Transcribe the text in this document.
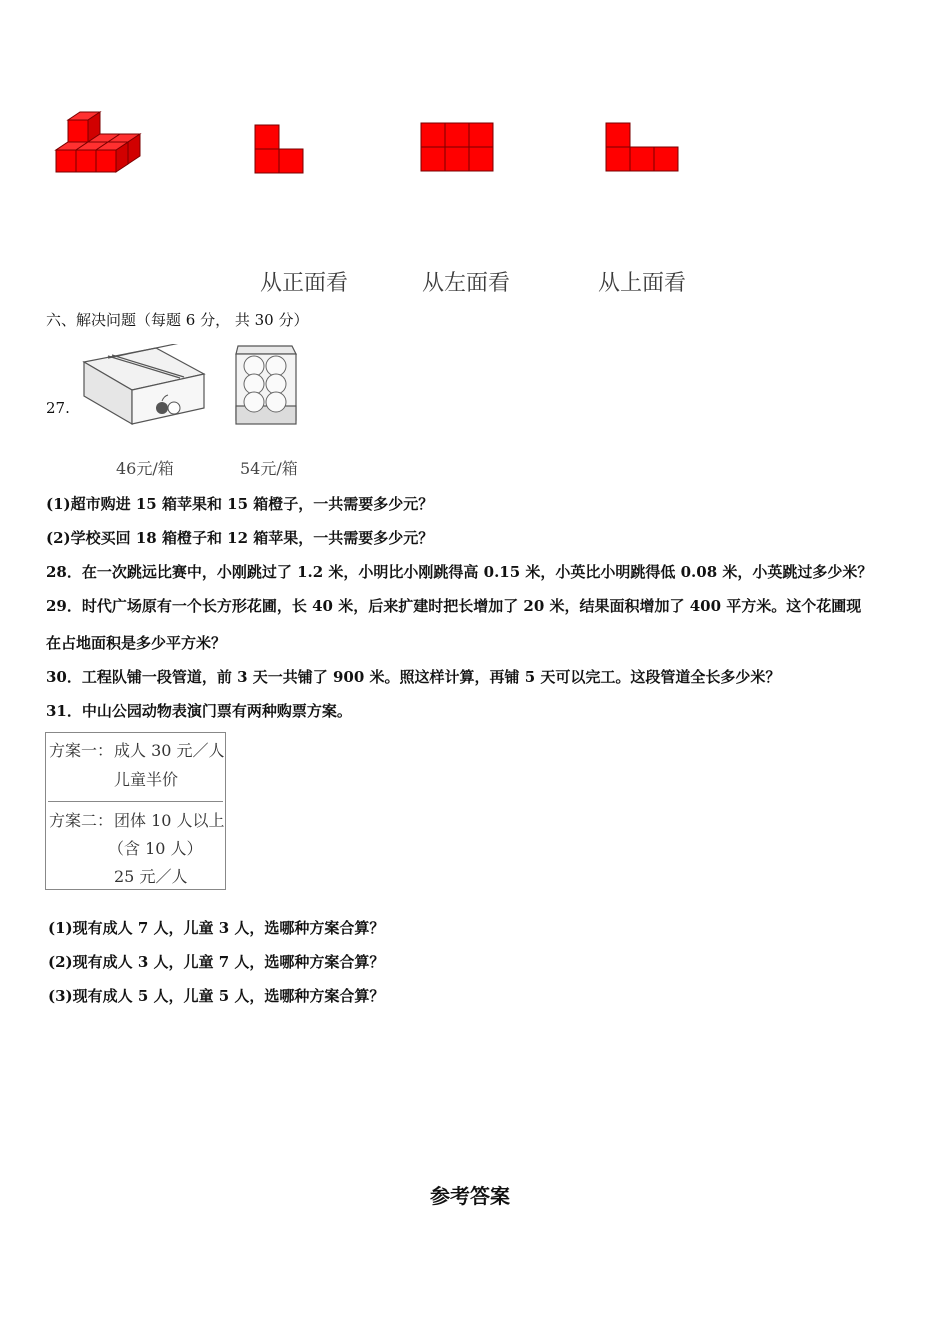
从正面看	从左面看	从上面看
六、解决问题（每题 6 分， 共 30 分）
27.
46元/箱	54元/箱
(1)超市购进 15 箱苹果和 15 箱橙子，一共需要多少元？
(2)学校买回 18 箱橙子和 12 箱苹果，一共需要多少元？
28．在一次跳远比赛中，小刚跳过了 1.2 米，小明比小刚跳得高 0.15 米，小英比小明跳得低 0.08 米，小英跳过多少米？
29．时代广场原有一个长方形花圃，长 40 米，后来扩建时把长增加了 20 米，结果面积增加了 400 平方米。这个花圃现
在占地面积是多少平方米？
30．工程队铺一段管道，前 3 天一共铺了 900 米。照这样计算，再铺 5 天可以完工。这段管道全长多少米？
31．中山公园动物表演门票有两种购票方案。
方案一： 成人 30 元／人
儿童半价
方案二： 团体 10 人以上
（含 10 人）
25 元／人
(1)现有成人 7 人，儿童 3 人，选哪种方案合算？
(2)现有成人 3 人，儿童 7 人，选哪种方案合算？
(3)现有成人 5 人，儿童 5 人，选哪种方案合算？
参考答案
